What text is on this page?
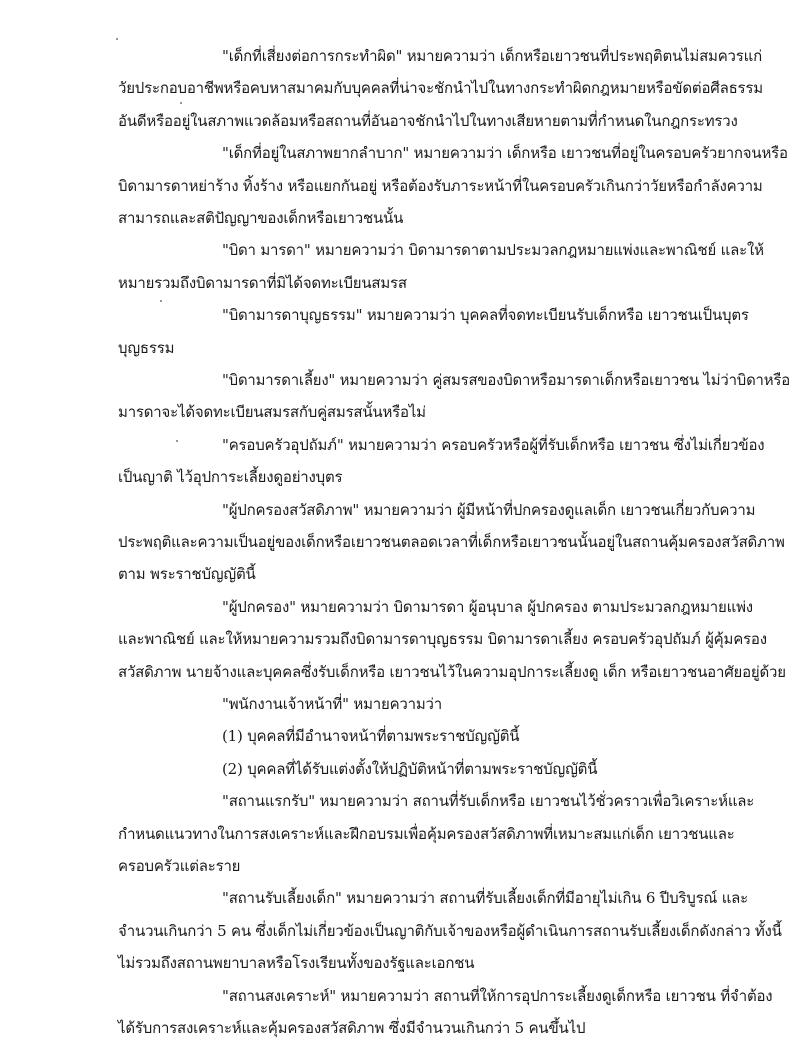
"เด็กที่เสี่ยงต่อการกระทำผิด" หมายความว่า เด็กหรือเยาวชนที่ประพฤติตนไม่สมควรแก่
วัยประกอบอาชีพหรือคบหาสมาคมกับบุคคลที่น่าจะชักนำไปในทางกระทำผิดกฎหมายหรือขัดต่อศีลธรรม
อันดีหรืออยู่ในสภาพแวดล้อมหรือสถานที่อันอาจชักนำไปในทางเสียหายตามที่กำหนดในกฎกระทรวง
"เด็กที่อยู่ในสภาพยากลำบาก" หมายความว่า เด็กหรือ เยาวชนที่อยู่ในครอบครัวยากจนหรือ
บิดามารดาหย่าร้าง ทิ้งร้าง หรือแยกกันอยู่ หรือต้องรับภาระหน้าที่ในครอบครัวเกินกว่าวัยหรือกำลังความ
สามารถและสติปัญญาของเด็กหรือเยาวชนนั้น
"บิดา มารดา" หมายความว่า บิดามารดาตามประมวลกฎหมายแพ่งและพาณิชย์ และให้
หมายรวมถึงบิดามารดาที่มิได้จดทะเบียนสมรส
"บิดามารดาบุญธรรม" หมายความว่า บุคคลที่จดทะเบียนรับเด็กหรือ เยาวชนเป็นบุตร
บุญธรรม
"บิดามารดาเลี้ยง" หมายความว่า คู่สมรสของบิดาหรือมารดาเด็กหรือเยาวชน ไม่ว่าบิดาหรือ
มารดาจะได้จดทะเบียนสมรสกับคู่สมรสนั้นหรือไม่
"ครอบครัวอุปถัมภ์" หมายความว่า ครอบครัวหรือผู้ที่รับเด็กหรือ เยาวชน ซึ่งไม่เกี่ยวข้อง
เป็นญาติ ไว้อุปการะเลี้ยงดูอย่างบุตร
"ผู้ปกครองสวัสดิภาพ" หมายความว่า ผู้มีหน้าที่ปกครองดูแลเด็ก เยาวชนเกี่ยวกับความ
ประพฤติและความเป็นอยู่ของเด็กหรือเยาวชนตลอดเวลาที่เด็กหรือเยาวชนนั้นอยู่ในสถานคุ้มครองสวัสดิภาพ
ตาม พระราชบัญญัตินี้
"ผู้ปกครอง" หมายความว่า บิดามารดา ผู้อนุบาล ผู้ปกครอง ตามประมวลกฎหมายแพ่ง
และพาณิชย์ และให้หมายความรวมถึงบิดามารดาบุญธรรม บิดามารดาเลี้ยง ครอบครัวอุปถัมภ์ ผู้คุ้มครอง
สวัสดิภาพ นายจ้างและบุคคลซึ่งรับเด็กหรือ เยาวชนไว้ในความอุปการะเลี้ยงดู เด็ก หรือเยาวชนอาศัยอยู่ด้วย
"พนักงานเจ้าหน้าที่" หมายความว่า
(1) บุคคลที่มีอำนาจหน้าที่ตามพระราชบัญญัตินี้
(2) บุคคลที่ได้รับแต่งตั้งให้ปฏิบัติหน้าที่ตามพระราชบัญญัตินี้
"สถานแรกรับ" หมายความว่า สถานที่รับเด็กหรือ เยาวชนไว้ชั่วคราวเพื่อวิเคราะห์และ
กำหนดแนวทางในการสงเคราะห์และฝึกอบรมเพื่อคุ้มครองสวัสดิภาพที่เหมาะสมแก่เด็ก เยาวชนและ
ครอบครัวแต่ละราย
"สถานรับเลี้ยงเด็ก" หมายความว่า สถานที่รับเลี้ยงเด็กที่มีอายุไม่เกิน 6 ปีบริบูรณ์ และ
จำนวนเกินกว่า 5 คน ซึ่งเด็กไม่เกี่ยวข้องเป็นญาติกับเจ้าของหรือผู้ดำเนินการสถานรับเลี้ยงเด็กดังกล่าว ทั้งนี้
ไม่รวมถึงสถานพยาบาลหรือโรงเรียนทั้งของรัฐและเอกชน
"สถานสงเคราะห์" หมายความว่า สถานที่ให้การอุปการะเลี้ยงดูเด็กหรือ เยาวชน ที่จำต้อง
ได้รับการสงเคราะห์และคุ้มครองสวัสดิภาพ ซึ่งมีจำนวนเกินกว่า 5 คนขึ้นไป
